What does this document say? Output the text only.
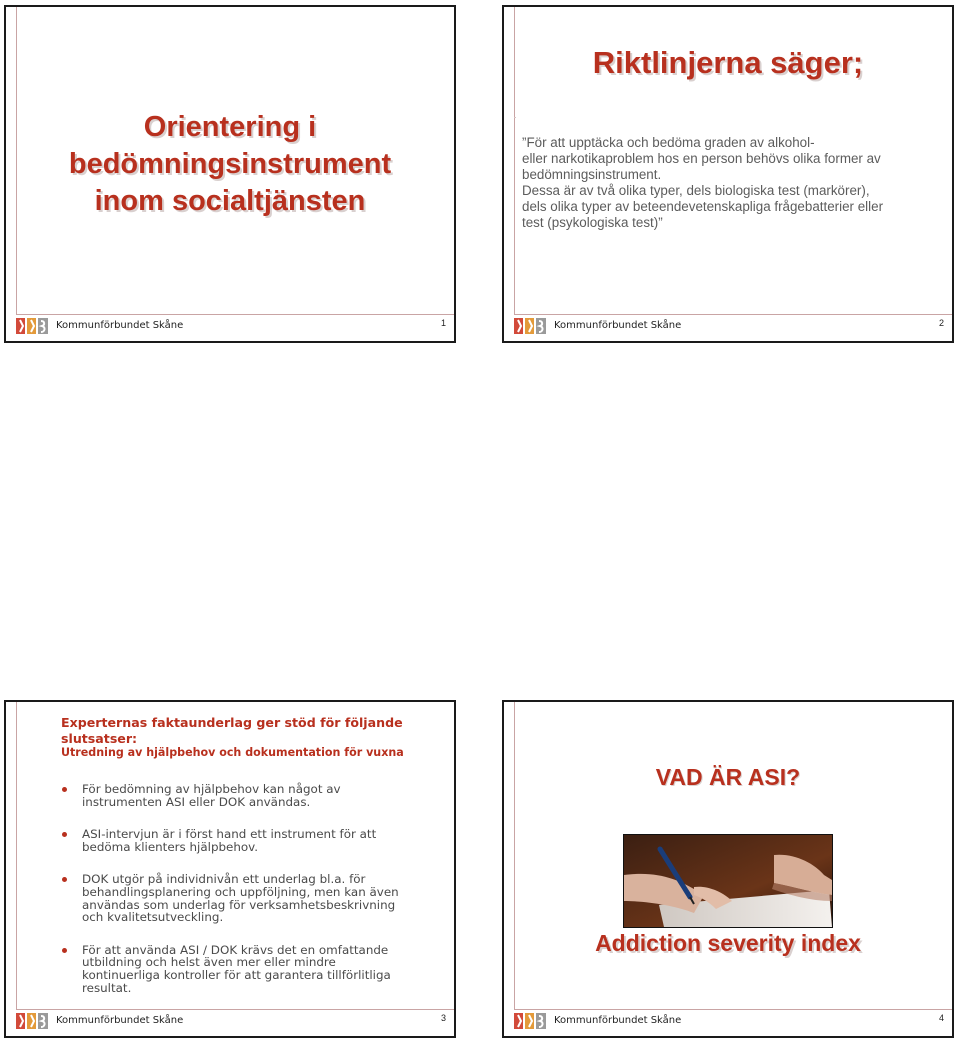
Orientering i
bedömningsinstrument
inom socialtjänsten
Kommunförbundet Skåne	1
Riktlinjerna säger;
”För att upptäcka och bedöma graden av alkohol-
eller narkotikaproblem hos en person behövs olika former av
bedömningsinstrument.
Dessa är av två olika typer, dels biologiska test (markörer),
dels olika typer av beteendevetenskapliga frågebatterier eller
test (psykologiska test)”
Kommunförbundet Skåne	2

Experternas faktaunderlag ger stöd för följande slutsatser:

Utredning av hjälpbehov och dokumentation för vuxna
För bedömning av hjälpbehov kan något av
instrumenten ASI eller DOK användas.
ASI-intervjun är i först hand ett instrument för att
bedöma klienters hjälpbehov.
DOK utgör på individnivån ett underlag bl.a. för
behandlingsplanering och uppföljning, men kan även
användas som underlag för verksamhetsbeskrivning
och kvalitetsutveckling.
För att använda ASI / DOK krävs det en omfattande
utbildning och helst även mer eller mindre
kontinuerliga kontroller för att garantera tillförlitliga
resultat.
Kommunförbundet Skåne	3
VAD ÄR ASI?
Addiction severity index
Kommunförbundet Skåne	4
